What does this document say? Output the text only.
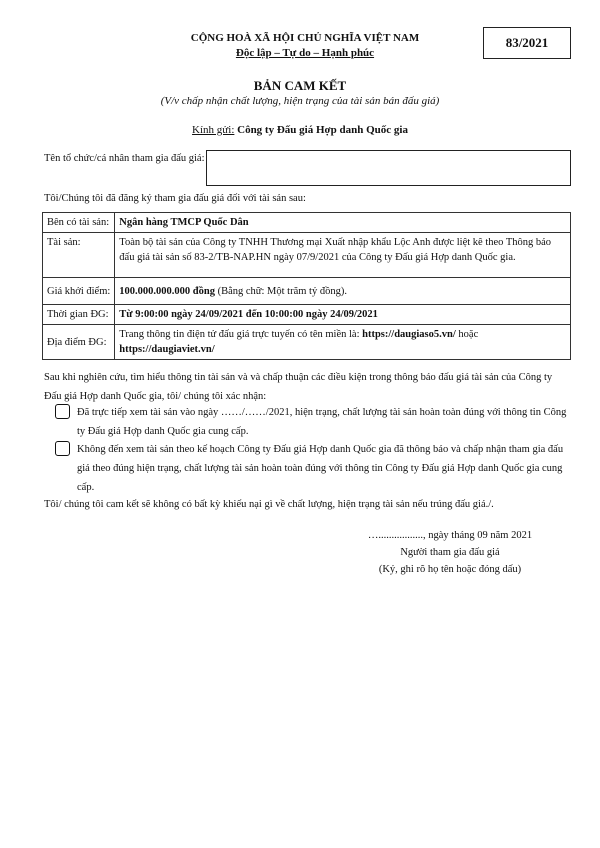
CỘNG HOÀ XÃ HỘI CHỦ NGHĨA VIỆT NAM
Độc lập – Tự do – Hạnh phúc
83/2021
BẢN CAM KẾT
(V/v chấp nhận chất lượng, hiện trạng của tài sản bán đấu giá)
Kính gửi: Công ty Đấu giá Hợp danh Quốc gia
Tên tổ chức/cá nhân tham gia đấu giá:
Tôi/Chúng tôi đã đăng ký tham gia đấu giá đối với tài sản sau:
Bên có tài sản:	Ngân hàng TMCP Quốc Dân
Tài sản:	Toàn bộ tài sản của Công ty TNHH Thương mại Xuất nhập khẩu Lộc Anh được liệt kê theo Thông báo đấu giá tài sản số 83-2/TB-NAP.HN ngày 07/9/2021 của Công ty Đấu giá Hợp danh Quốc gia.
Giá khởi điểm:	100.000.000.000 đồng (Bằng chữ: Một trăm tỷ đồng).
Thời gian ĐG:	Từ 9:00:00 ngày 24/09/2021 đến 10:00:00 ngày 24/09/2021
Địa điểm ĐG:	Trang thông tin điện tử đấu giá trực tuyến có tên miền là: https://daugiaso5.vn/ hoặc
https://daugiaviet.vn/
Sau khi nghiên cứu, tìm hiểu thông tin tài sản và và chấp thuận các điều kiện trong thông báo đấu giá tài sản của Công ty Đấu giá Hợp danh Quốc gia, tôi/ chúng tôi xác nhận:
Đã trực tiếp xem tài sản vào ngày ……/……/2021, hiện trạng, chất lượng tài sản hoàn toàn đúng với thông tin Công ty Đấu giá Hợp danh Quốc gia cung cấp.
Không đến xem tài sản theo kế hoạch Công ty Đấu giá Hợp danh Quốc gia đã thông báo và chấp nhận tham gia đấu giá theo đúng hiện trạng, chất lượng tài sản hoàn toàn đúng với thông tin Công ty Đấu giá Hợp danh Quốc gia cung cấp.
Tôi/ chúng tôi cam kết sẽ không có bất kỳ khiếu nại gì về chất lượng, hiện trạng tài sản nếu trúng đấu giá./.
…................., ngày tháng 09 năm 2021
Người tham gia đấu giá
(Ký, ghi rõ họ tên hoặc đóng dấu)
